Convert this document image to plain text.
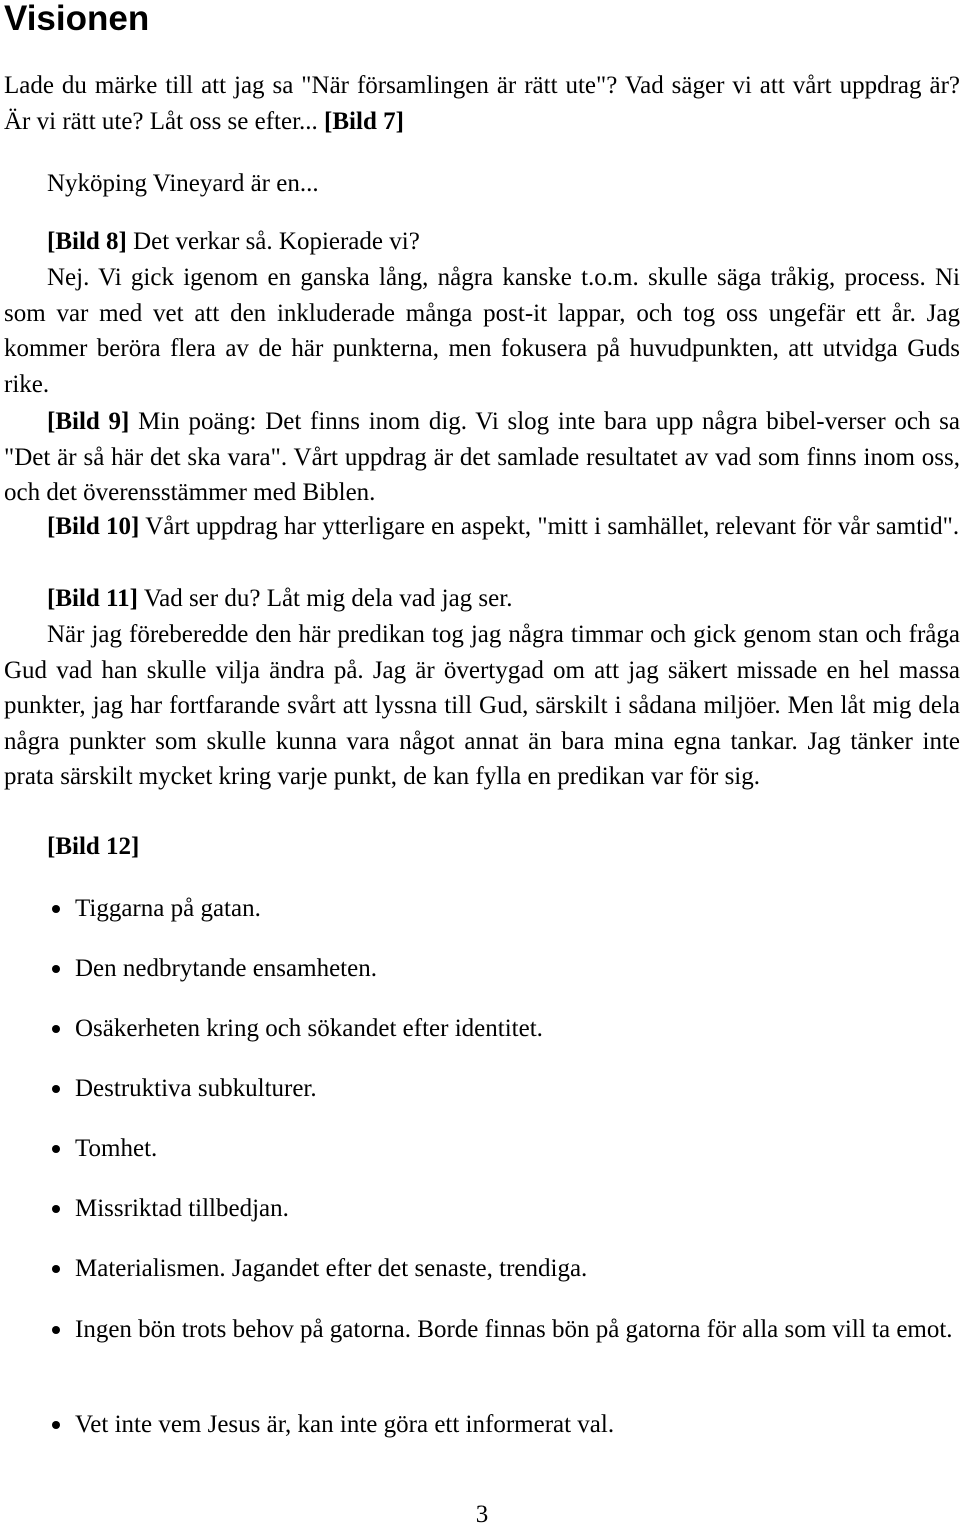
Visionen

Lade du märke till att jag sa "När församlingen är rätt ute"? Vad säger vi att vårt uppdrag är? Är vi rätt ute? Låt oss se efter... [Bild 7]

Nyköping Vineyard är en...

[Bild 8] Det verkar så. Kopierade vi?

Nej. Vi gick igenom en ganska lång, några kanske t.o.m. skulle säga tråkig, process. Ni som var med vet att den inkluderade många post-it lappar, och tog oss ungefär ett år. Jag kommer beröra flera av de här punkterna, men fokusera på huvudpunkten, att utvidga Guds rike.

[Bild 9] Min poäng: Det finns inom dig. Vi slog inte bara upp några bibel-verser och sa "Det är så här det ska vara". Vårt uppdrag är det samlade resultatet av vad som finns inom oss, och det överensstämmer med Biblen.

[Bild 10] Vårt uppdrag har ytterligare en aspekt, "mitt i samhället, relevant för vår samtid".

[Bild 11] Vad ser du? Låt mig dela vad jag ser.

När jag föreberedde den här predikan tog jag några timmar och gick genom stan och fråga Gud vad han skulle vilja ändra på. Jag är övertygad om att jag säkert missade en hel massa punkter, jag har fortfarande svårt att lyssna till Gud, särskilt i sådana miljöer. Men låt mig dela några punkter som skulle kunna vara något annat än bara mina egna tankar. Jag tänker inte prata särskilt mycket kring varje punkt, de kan fylla en predikan var för sig.

[Bild 12]

Tiggarna på gatan.
Den nedbrytande ensamheten.
Osäkerheten kring och sökandet efter identitet.
Destruktiva subkulturer.
Tomhet.
Missriktad tillbedjan.
Materialismen. Jagandet efter det senaste, trendiga.
Ingen bön trots behov på gatorna. Borde finnas bön på gatorna för alla som vill ta emot.
Vet inte vem Jesus är, kan inte göra ett informerat val.
3
